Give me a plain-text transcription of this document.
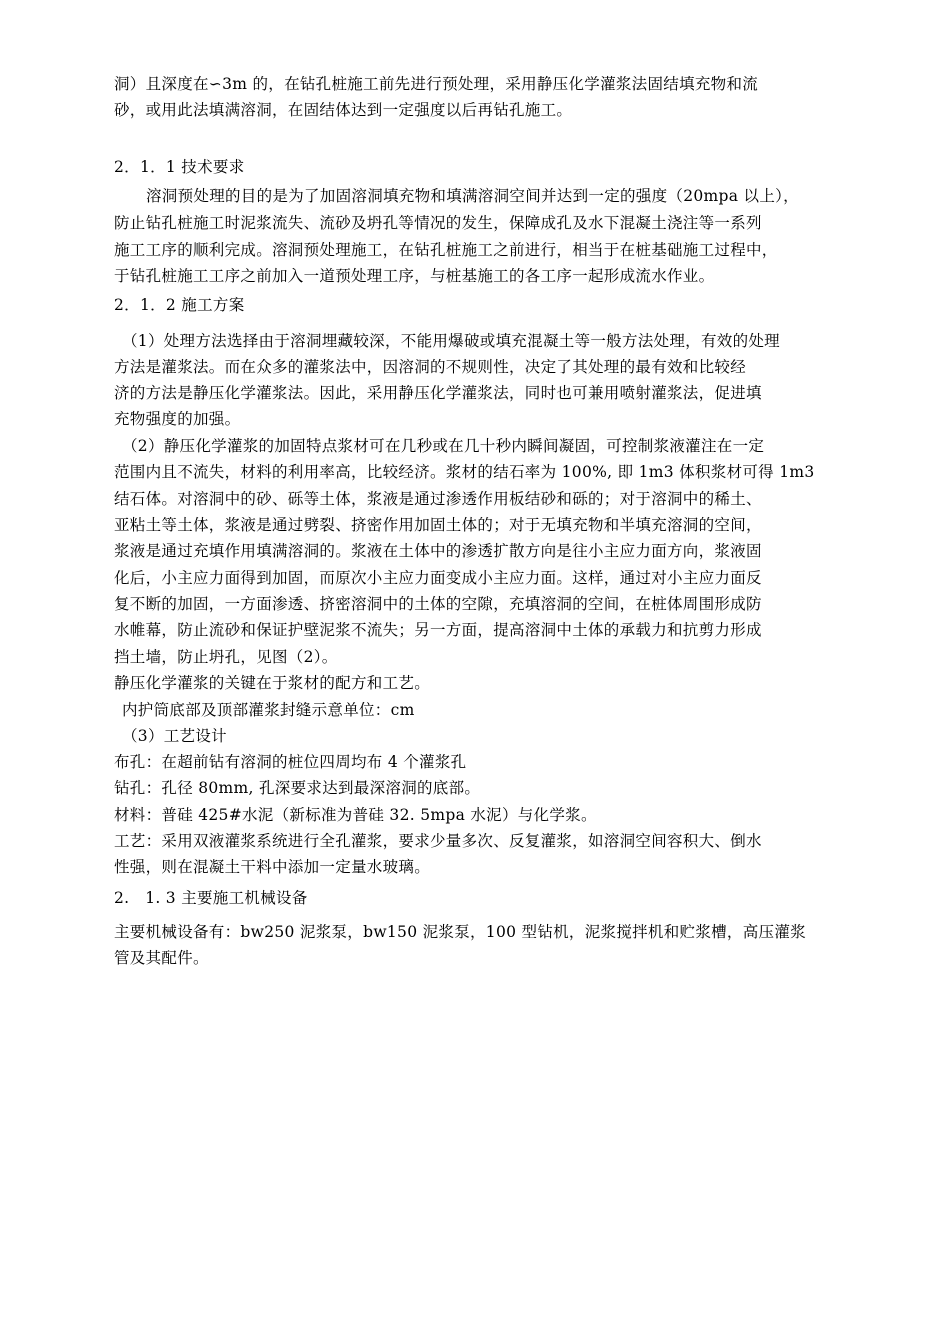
洞）且深度在∽3m 的，在钻孔桩施工前先进行预处理，采用静压化学灌浆法固结填充物和流
砂，或用此法填满溶洞，在固结体达到一定强度以后再钻孔施工。
2．1．1 技术要求
溶洞预处理的目的是为了加固溶洞填充物和填满溶洞空间并达到一定的强度（20mpa 以上），
防止钻孔桩施工时泥浆流失、流砂及坍孔等情况的发生，保障成孔及水下混凝土浇注等一系列
施工工序的顺利完成。溶洞预处理施工，在钻孔桩施工之前进行，相当于在桩基础施工过程中，
于钻孔桩施工工序之前加入一道预处理工序，与桩基施工的各工序一起形成流水作业。
2．1．2 施工方案
（1）处理方法选择由于溶洞埋藏较深，不能用爆破或填充混凝土等一般方法处理，有效的处理
方法是灌浆法。而在众多的灌浆法中，因溶洞的不规则性，决定了其处理的最有效和比较经
济的方法是静压化学灌浆法。因此，采用静压化学灌浆法，同时也可兼用喷射灌浆法，促进填
充物强度的加强。
（2）静压化学灌浆的加固特点浆材可在几秒或在几十秒内瞬间凝固，可控制浆液灌注在一定
范围内且不流失，材料的利用率高，比较经济。浆材的结石率为 100%, 即 1m3 体积浆材可得 1m3
结石体。对溶洞中的砂、砾等土体，浆液是通过渗透作用板结砂和砾的；对于溶洞中的稀土、
亚粘土等土体，浆液是通过劈裂、挤密作用加固土体的；对于无填充物和半填充溶洞的空间，
浆液是通过充填作用填满溶洞的。浆液在土体中的渗透扩散方向是往小主应力面方向，浆液固
化后，小主应力面得到加固，而原次小主应力面变成小主应力面。这样，通过对小主应力面反
复不断的加固，一方面渗透、挤密溶洞中的土体的空隙，充填溶洞的空间，在桩体周围形成防
水帷幕，防止流砂和保证护壁泥浆不流失；另一方面，提高溶洞中土体的承载力和抗剪力形成
挡土墙，防止坍孔，见图（2）。
静压化学灌浆的关键在于浆材的配方和工艺。
内护筒底部及顶部灌浆封缝示意单位：cm
（3）工艺设计
布孔：在超前钻有溶洞的桩位四周均布 4 个灌浆孔
钻孔：孔径 80mm, 孔深要求达到最深溶洞的底部。
材料：普硅 425#水泥（新标准为普硅 32. 5mpa 水泥）与化学浆。
工艺：采用双液灌浆系统进行全孔灌浆，要求少量多次、反复灌浆，如溶洞空间容积大、倒水
性强，则在混凝土干料中添加一定量水玻璃。
2.　1. 3 主要施工机械设备
主要机械设备有：bw250 泥浆泵，bw150 泥浆泵，100 型钻机，泥浆搅拌机和贮浆槽，高压灌浆
管及其配件。
